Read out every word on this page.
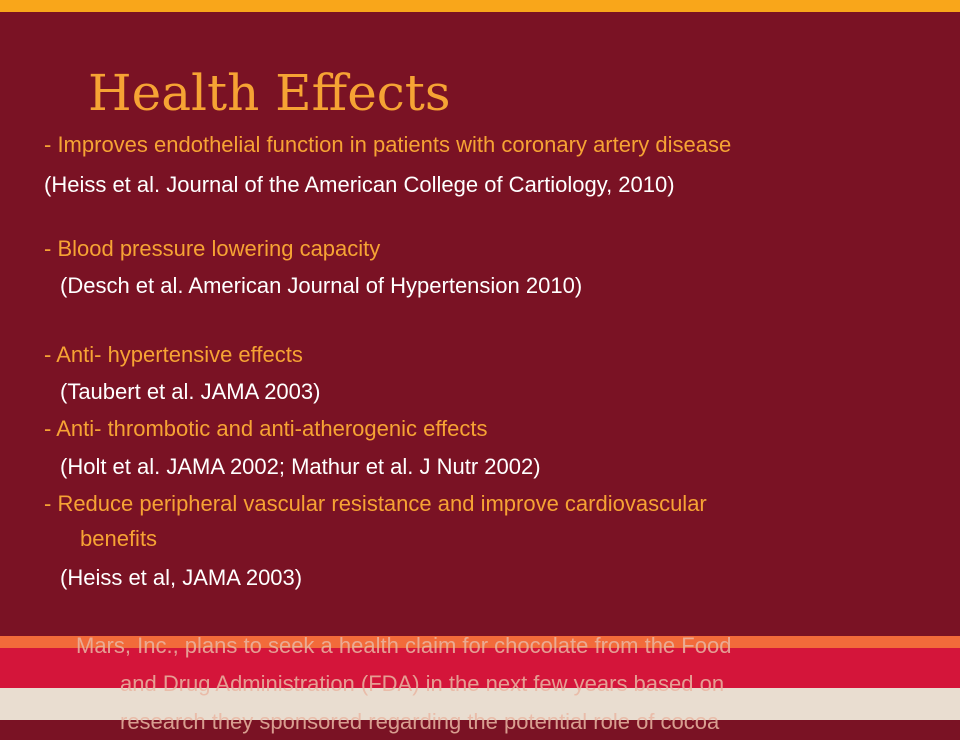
Health Effects
- Improves endothelial function in patients with coronary artery disease
(Heiss et al. Journal of the American College of Cartiology, 2010)
- Blood pressure lowering capacity
(Desch et al. American Journal of Hypertension 2010)
- Anti- hypertensive effects
(Taubert et al. JAMA 2003)
- Anti- thrombotic and anti-atherogenic effects
(Holt et al. JAMA 2002; Mathur et al. J Nutr 2002)
- Reduce peripheral vascular resistance and improve cardiovascular
benefits
(Heiss et al, JAMA 2003)
Mars, Inc., plans to seek a health claim for chocolate from the Food
and Drug Administration (FDA) in the next few years based on
research they sponsored regarding the potential role of cocoa
